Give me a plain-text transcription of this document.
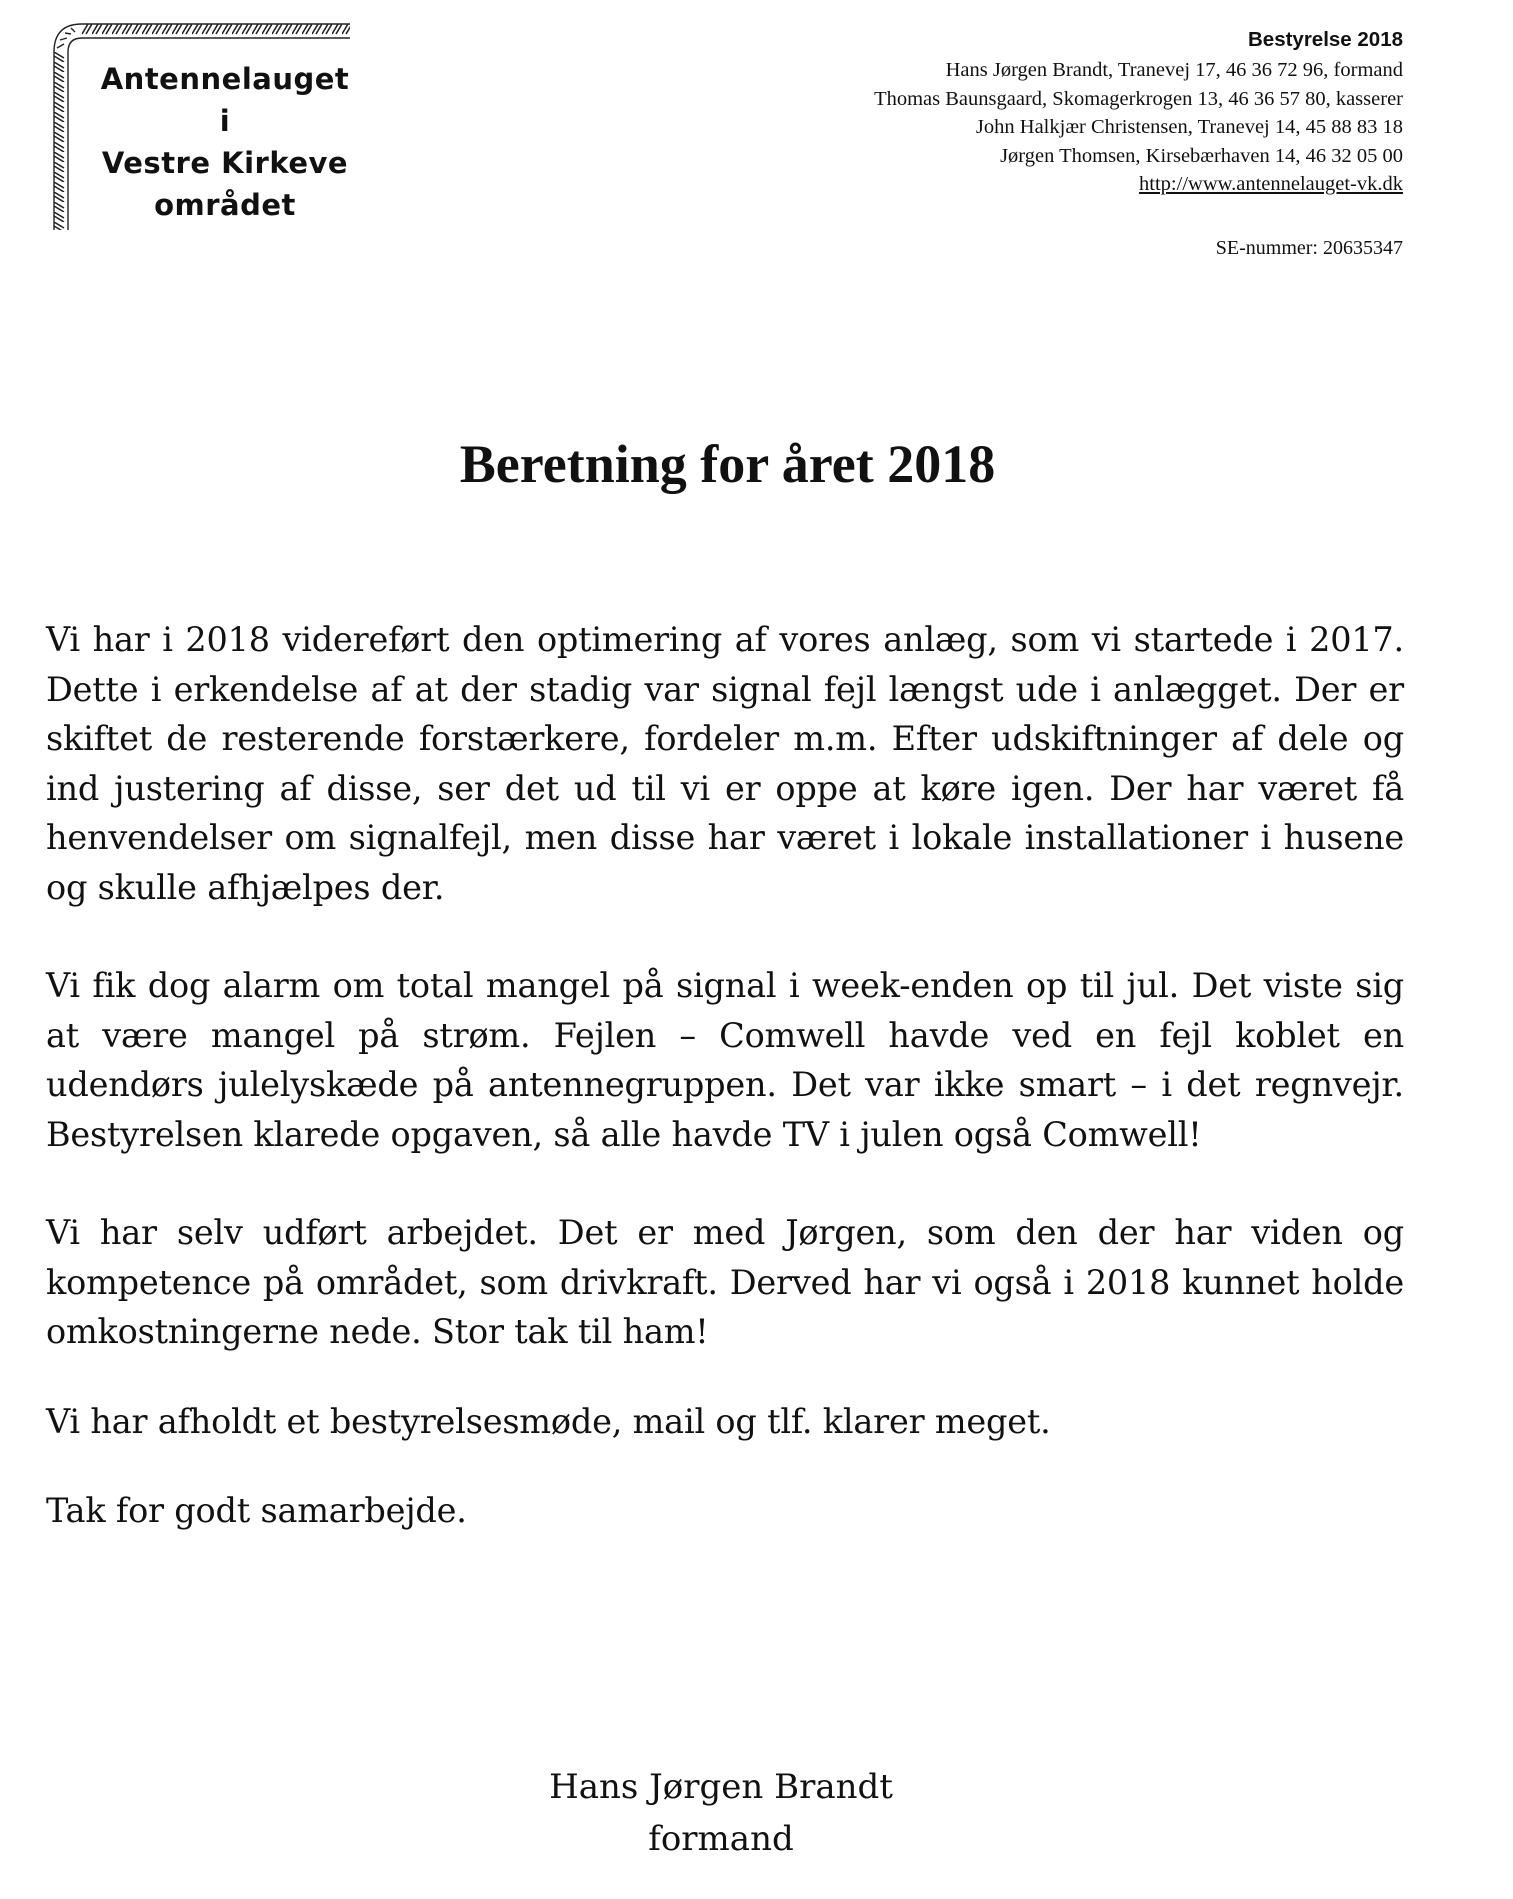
Antennelauget
i
Vestre Kirkeve
området
Bestyrelse 2018
Hans Jørgen Brandt, Tranevej 17, 46 36 72 96, formand
Thomas Baunsgaard, Skomagerkrogen 13, 46 36 57 80, kasserer
John Halkjær Christensen, Tranevej 14, 45 88 83 18
Jørgen Thomsen, Kirsebærhaven 14, 46 32 05 00
http://www.antennelauget-vk.dk
SE-nummer: 20635347
Beretning for året 2018

Vi har i 2018 videreført den optimering af vores anlæg, som vi startede i 2017. Dette i erkendelse af at der stadig var signal fejl længst ude i anlægget. Der er skiftet de resterende forstærkere, fordeler m.m. Efter udskiftninger af dele og ind justering af disse, ser det ud til vi er oppe at køre igen. Der har været få henvendelser om signalfejl, men disse har været i lokale installationer i husene og skulle afhjælpes der.

Vi fik dog alarm om total mangel på signal i week-enden op til jul. Det viste sig at være mangel på strøm. Fejlen – Comwell havde ved en fejl koblet en udendørs julelyskæde på antennegruppen. Det var ikke smart – i det regnvejr. Bestyrelsen klarede opgaven, så alle havde TV i julen også Comwell!

Vi har selv udført arbejdet. Det er med Jørgen, som den der har viden og kompetence på området, som drivkraft. Derved har vi også i 2018 kunnet holde omkostningerne nede. Stor tak til ham!

Vi har afholdt et bestyrelsesmøde, mail og tlf. klarer meget.

Tak for godt samarbejde.

Hans Jørgen Brandt
formand
